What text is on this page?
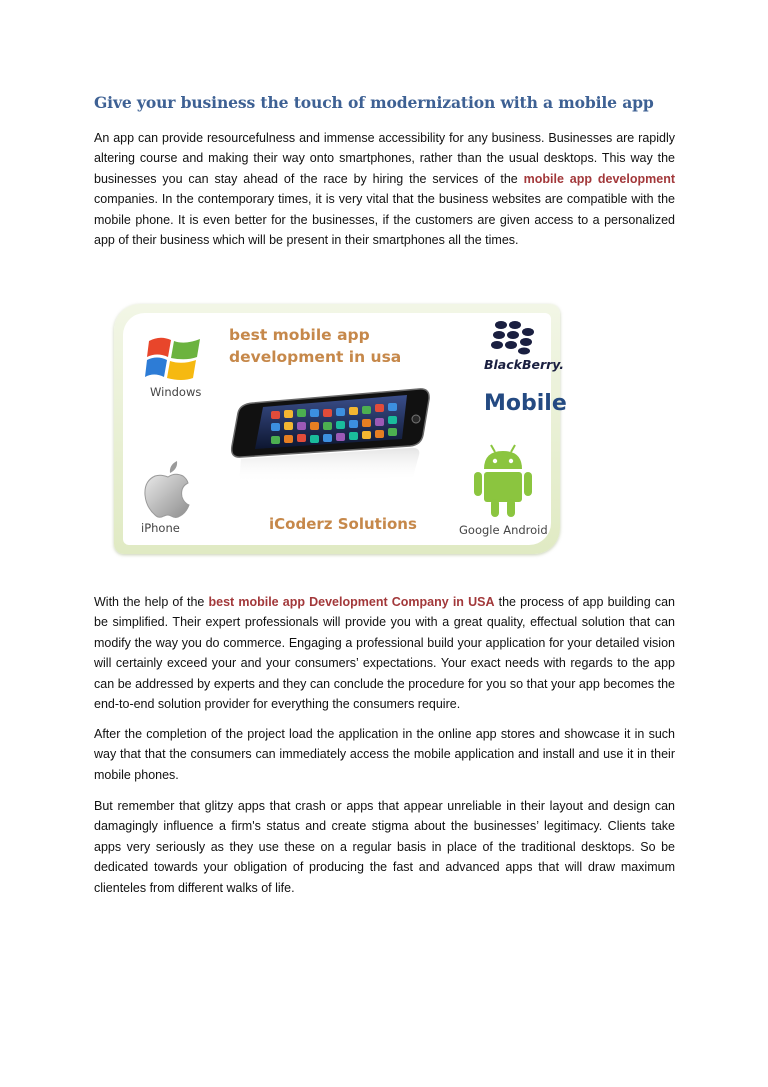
Give your business the touch of modernization with a mobile app

An app can provide resourcefulness and immense accessibility for any business. Businesses are rapidly altering course and making their way onto smartphones, rather than the usual desktops. This way the businesses you can stay ahead of the race by hiring the services of the mobile app development companies. In the contemporary times, it is very vital that the business websites are compatible with the mobile phone. It is even better for the businesses, if the customers are given access to a personalized app of their business which will be present in their smartphones all the times.

best mobile app development in usa

Windows
BlackBerry.
Mobile
iPhone	iCoderz Solutions	Google Android

With the help of the best mobile app Development Company in USA the process of app building can be simplified. Their expert professionals will provide you with a great quality, effectual solution that can modify the way you do commerce. Engaging a professional build your application for your detailed vision will certainly exceed your and your consumers’ expectations. Your exact needs with regards to the app can be addressed by experts and they can conclude the procedure for you so that your app becomes the end-to-end solution provider for everything the consumers require.

After the completion of the project load the application in the online app stores and showcase it in such way that that the consumers can immediately access the mobile application and install and use it in their mobile phones.

But remember that glitzy apps that crash or apps that appear unreliable in their layout and design can damagingly influence a firm's status and create stigma about the businesses’ legitimacy. Clients take apps very seriously as they use these on a regular basis in place of the traditional desktops. So be dedicated towards your obligation of producing the fast and advanced apps that will draw maximum clienteles from different walks of life.
